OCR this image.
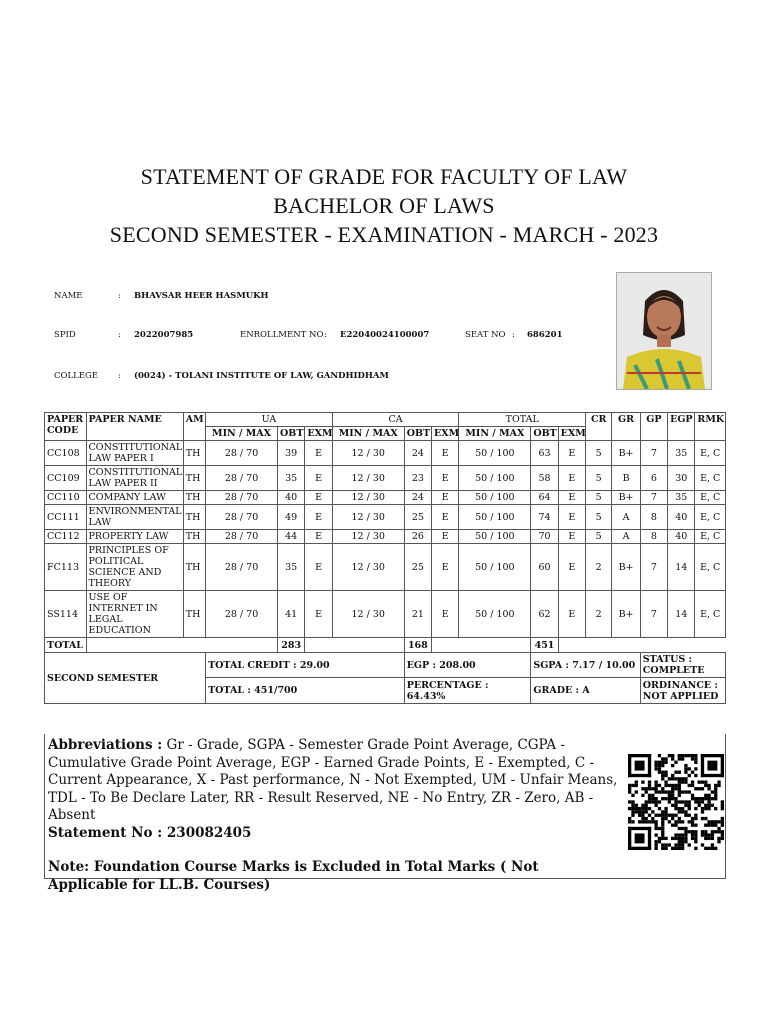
STATEMENT OF GRADE FOR FACULTY OF LAW
BACHELOR OF LAWS
SECOND SEMESTER - EXAMINATION - MARCH - 2023
NAME	: BHAVSAR HEER HASMUKH
SPID	: 2022007985	ENROLLMENT NO : E22040024100007	SEAT NO : 686201
COLLEGE : (0024) - TOLANI INSTITUTE OF LAW, GANDHIDHAM
PAPER CODE	PAPER NAME	AM	UA			CA			TOTAL			CR	GR	GP	EGP	RMK
			MIN / MAX	OBT	EXM	MIN / MAX	OBT	EXM	MIN / MAX	OBT	EXM					
CC108	CONSTITUTIONAL LAW PAPER I	TH	28 / 70	39	E	12 / 30	24	E	50 / 100	63	E	5	B+	7	35	E, C
CC109	CONSTITUTIONAL LAW PAPER II	TH	28 / 70	35	E	12 / 30	23	E	50 / 100	58	E	5	B	6	30	E, C
CC110	COMPANY LAW	TH	28 / 70	40	E	12 / 30	24	E	50 / 100	64	E	5	B+	7	35	E, C
CC111	ENVIRONMENTAL LAW	TH	28 / 70	49	E	12 / 30	25	E	50 / 100	74	E	5	A	8	40	E, C
CC112	PROPERTY LAW	TH	28 / 70	44	E	12 / 30	26	E	50 / 100	70	E	5	A	8	40	E, C
FC113	PRINCIPLES OF POLITICAL SCIENCE AND THEORY	TH	28 / 70	35	E	12 / 30	25	E	50 / 100	60	E	2	B+	7	14	E, C
SS114	USE OF INTERNET IN LEGAL EDUCATION	TH	28 / 70	41	E	12 / 30	21	E	50 / 100	62	E	2	B+	7	14	E, C
TOTAL				283			168			451						
SECOND SEMESTER			TOTAL CREDIT : 29.00				EGP : 208.00			SGPA : 7.17 / 10.00				STATUS : COMPLETE		
			TOTAL : 451/700				PERCENTAGE : 64.43%			GRADE : A				ORDINANCE : NOT APPLIED		
Abbreviations : Gr - Grade, SGPA - Semester Grade Point Average, CGPA - Cumulative Grade Point Average, EGP - Earned Grade Points, E - Exempted, C - Current Appearance, X - Past performance, N - Not Exempted, UM - Unfair Means, TDL - To Be Declare Later, RR - Result Reserved, NE - No Entry, ZR - Zero, AB - Absent
Statement No : 230082405
Note: Foundation Course Marks is Excluded in Total Marks ( Not Applicable for LL.B. Courses)
